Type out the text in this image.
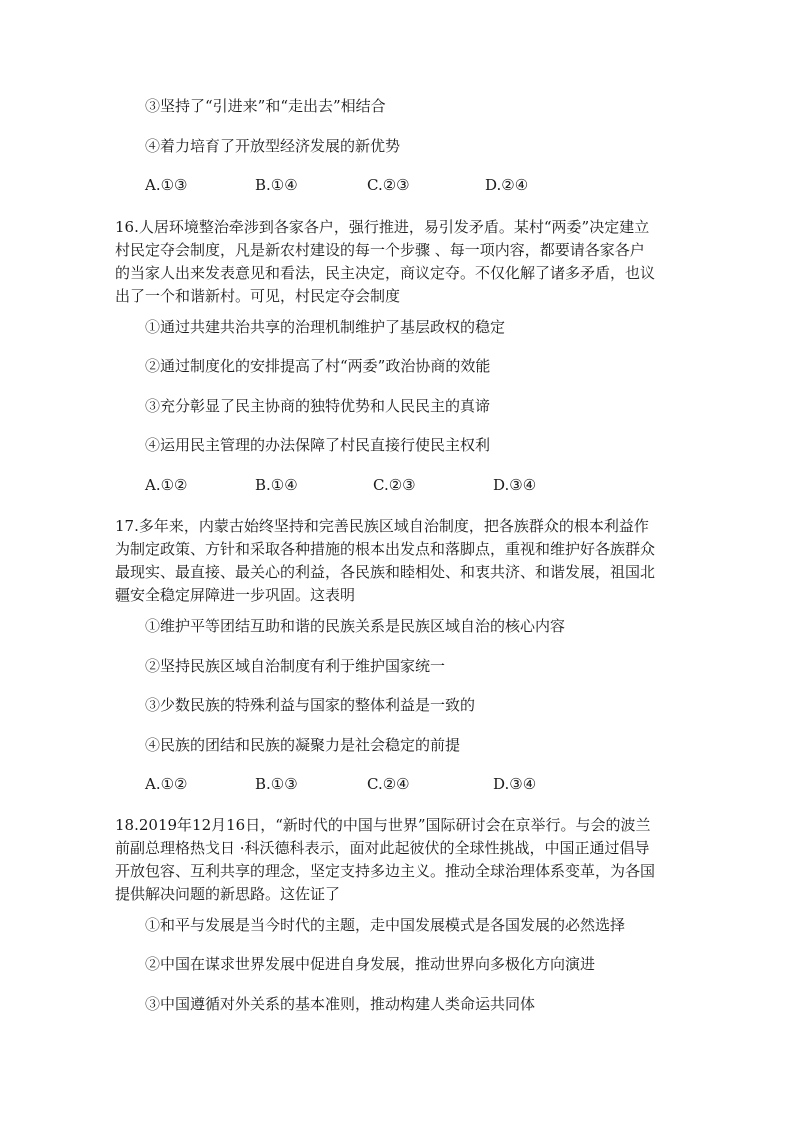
③坚持了“引进来”和“走出去”相结合
④着力培育了开放型经济发展的新优势
A.①③	B.①④	C.②③	D.②④
16.人居环境整治牵涉到各家各户，强行推进，易引发矛盾。某村“两委”决定建立村民定夺会制度，凡是新农村建设的每一个步骤 、每一项内容，都要请各家各户的当家人出来发表意见和看法，民主决定，商议定夺。不仅化解了诸多矛盾，也议出了一个和谐新村。可见，村民定夺会制度
①通过共建共治共享的治理机制维护了基层政权的稳定
②通过制度化的安排提高了村“两委”政治协商的效能
③充分彰显了民主协商的独特优势和人民民主的真谛
④运用民主管理的办法保障了村民直接行使民主权利
A.①②	B.①④	C.②③	D.③④
17.多年来，内蒙古始终坚持和完善民族区域自治制度，把各族群众的根本利益作为制定政策、方针和采取各种措施的根本出发点和落脚点，重视和维护好各族群众最现实、最直接、最关心的利益，各民族和睦相处、和衷共济、和谐发展，祖国北疆安全稳定屏障进一步巩固。这表明
①维护平等团结互助和谐的民族关系是民族区域自治的核心内容
②坚持民族区域自治制度有利于维护国家统一
③少数民族的特殊利益与国家的整体利益是一致的
④民族的团结和民族的凝聚力是社会稳定的前提
A.①②	B.①③	C.②④	D.③④
18.2019年12月16日，“新时代的中国与世界”国际研讨会在京举行。与会的波兰前副总理格热戈日 ·科沃德科表示，面对此起彼伏的全球性挑战，中国正通过倡导开放包容、互利共享的理念，坚定支持多边主义。推动全球治理体系变革，为各国提供解决问题的新思路。这佐证了
①和平与发展是当今时代的主题，走中国发展模式是各国发展的必然选择
②中国在谋求世界发展中促进自身发展，推动世界向多极化方向演进
③中国遵循对外关系的基本准则，推动构建人类命运共同体
